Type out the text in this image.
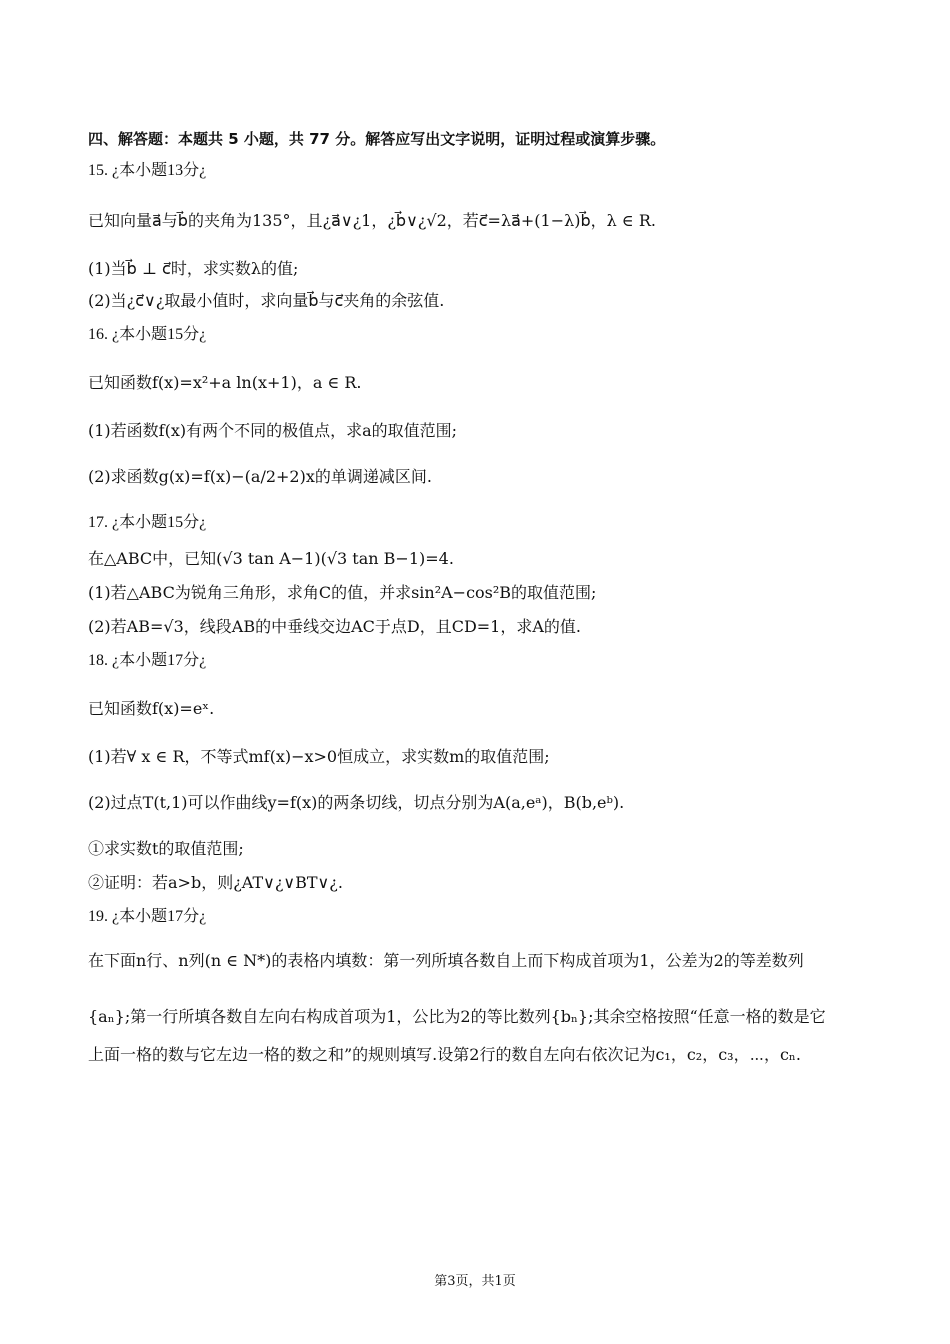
四、解答题：本题共 5 小题，共 77 分。解答应写出文字说明，证明过程或演算步骤。
15. ¿本小题13分¿
已知向量a⃗与b⃗的夹角为135°，且¿a⃗∨¿1，¿b⃗∨¿√2，若c⃗=λa⃗+(1−λ)b⃗，λ ∈ R.
(1)当b⃗ ⊥ c⃗时，求实数λ的值;
(2)当¿c⃗∨¿取最小值时，求向量b⃗与c⃗夹角的余弦值.
16. ¿本小题15分¿
已知函数f(x)=x²+a ln(x+1)，a ∈ R.
(1)若函数f(x)有两个不同的极值点，求a的取值范围;
(2)求函数g(x)=f(x)−(a/2+2)x的单调递减区间.
17. ¿本小题15分¿
在△ABC中，已知(√3 tan A−1)(√3 tan B−1)=4.
(1)若△ABC为锐角三角形，求角C的值，并求sin²A−cos²B的取值范围;
(2)若AB=√3，线段AB的中垂线交边AC于点D，且CD=1，求A的值.
18. ¿本小题17分¿
已知函数f(x)=eˣ.
(1)若∀ x ∈ R，不等式mf(x)−x>0恒成立，求实数m的取值范围;
(2)过点T(t,1)可以作曲线y=f(x)的两条切线，切点分别为A(a,eᵃ)，B(b,eᵇ).
①求实数t的取值范围;
②证明：若a>b，则¿AT∨¿∨BT∨¿.
19. ¿本小题17分¿
在下面n行、n列(n ∈ N*)的表格内填数：第一列所填各数自上而下构成首项为1，公差为2的等差数列
{aₙ};第一行所填各数自左向右构成首项为1，公比为2的等比数列{bₙ};其余空格按照“任意一格的数是它
上面一格的数与它左边一格的数之和”的规则填写.设第2行的数自左向右依次记为c₁，c₂，c₃，⋯，cₙ.
第3页，共1页
